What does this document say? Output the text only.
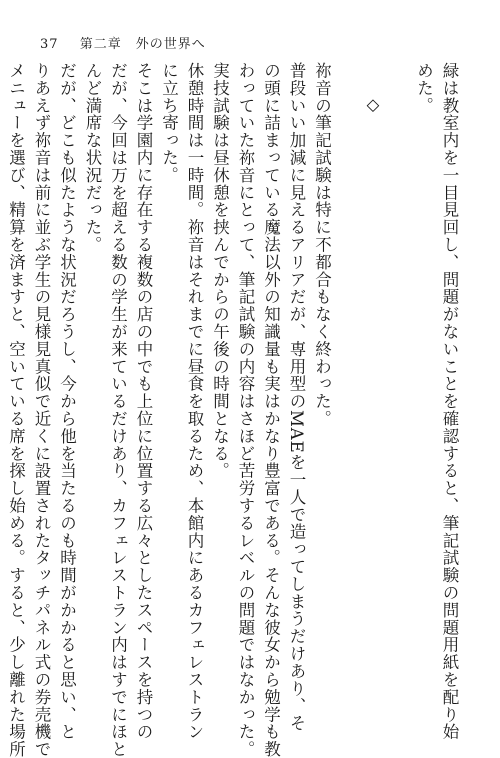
37 第二章　外の世界へ
緑は教室内を一目見回し、問題がないことを確認すると、筆記試験の問題用紙を配り始
めた。
◇
祢音の筆記試験は特に不都合もなく終わった。
普段いい加減に見えるアリアだが、専用型のMAEを一人で造ってしまうだけあり、そ
の頭に詰まっている魔法以外の知識量も実はかなり豊富である。そんな彼女から勉学も教
わっていた祢音にとって、筆記試験の内容はさほど苦労するレベルの問題ではなかった。
実技試験は昼休憩を挟んでからの午後の時間となる。
休憩時間は一時間。祢音はそれまでに昼食を取るため、本館内にあるカフェレストラン
に立ち寄った。
そこは学園内に存在する複数の店の中でも上位に位置する広々としたスペースを持つの
だが、今回は万を超える数の学生が来ているだけあり、カフェレストラン内はすでにほと
んど満席な状況だった。
だが、どこも似たような状況だろうし、今から他を当たるのも時間がかかると思い、と
りあえず祢音は前に並ぶ学生の見様見真似で近くに設置されたタッチパネル式の券売機で
メニューを選び、精算を済ますと、空いている席を探し始める。すると、少し離れた場所
